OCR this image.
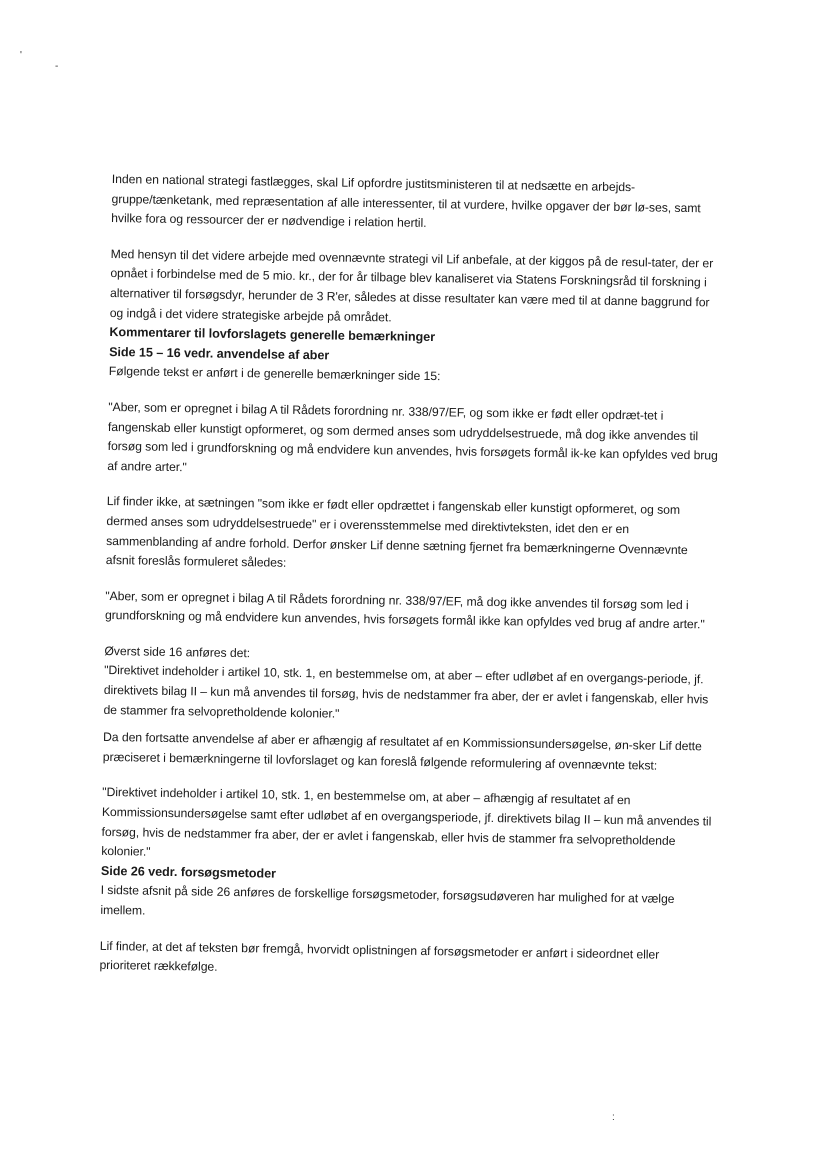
'
-
:

Inden en national strategi fastlægges, skal Lif opfordre justitsministeren til at nedsætte en arbejds-gruppe/tænketank, med repræsentation af alle interessenter, til at vurdere, hvilke opgaver der bør lø-ses, samt hvilke fora og ressourcer der er nødvendige i relation hertil.

Med hensyn til det videre arbejde med ovennævnte strategi vil Lif anbefale, at der kiggos på de resul-tater, der er opnået i forbindelse med de 5 mio. kr., der for år tilbage blev kanaliseret via Statens Forskningsråd til forskning i alternativer til forsøgsdyr, herunder de 3 R'er, således at disse resultater kan være med til at danne baggrund for og indgå i det videre strategiske arbejde på området.

Kommentarer til lovforslagets generelle bemærkninger

Side 15 – 16 vedr. anvendelse af aber

Følgende tekst er anført i de generelle bemærkninger side 15:

"Aber, som er opregnet i bilag A til Rådets forordning nr. 338/97/EF, og som ikke er født eller opdræt-tet i fangenskab eller kunstigt opformeret, og som dermed anses som udryddelsestruede, må dog ikke anvendes til forsøg som led i grundforskning og må endvidere kun anvendes, hvis forsøgets formål ik-ke kan opfyldes ved brug af andre arter."

Lif finder ikke, at sætningen "som ikke er født eller opdrættet i fangenskab eller kunstigt opformeret, og som dermed anses som udryddelsestruede" er i overensstemmelse med direktivteksten, idet den er en sammenblanding af andre forhold. Derfor ønsker Lif denne sætning fjernet fra bemærkningerne Ovennævnte afsnit foreslås formuleret således:

"Aber, som er opregnet i bilag A til Rådets forordning nr. 338/97/EF, må dog ikke anvendes til forsøg som led i grundforskning og må endvidere kun anvendes, hvis forsøgets formål ikke kan opfyldes ved brug af andre arter."

Øverst side 16 anføres det:

"Direktivet indeholder i artikel 10, stk. 1, en bestemmelse om, at aber – efter udløbet af en overgangs-periode, jf. direktivets bilag II – kun må anvendes til forsøg, hvis de nedstammer fra aber, der er avlet i fangenskab, eller hvis de stammer fra selvopretholdende kolonier."

Da den fortsatte anvendelse af aber er afhængig af resultatet af en Kommissionsundersøgelse, øn-sker Lif dette præciseret i bemærkningerne til lovforslaget og kan foreslå følgende reformulering af ovennævnte tekst:

"Direktivet indeholder i artikel 10, stk. 1, en bestemmelse om, at aber – afhængig af resultatet af en Kommissionsundersøgelse samt efter udløbet af en overgangsperiode, jf. direktivets bilag II – kun må anvendes til forsøg, hvis de nedstammer fra aber, der er avlet i fangenskab, eller hvis de stammer fra selvopretholdende kolonier."

Side 26 vedr. forsøgsmetoder

I sidste afsnit på side 26 anføres de forskellige forsøgsmetoder, forsøgsudøveren har mulighed for at vælge imellem.

Lif finder, at det af teksten bør fremgå, hvorvidt oplistningen af forsøgsmetoder er anført i sideordnet eller prioriteret rækkefølge.
